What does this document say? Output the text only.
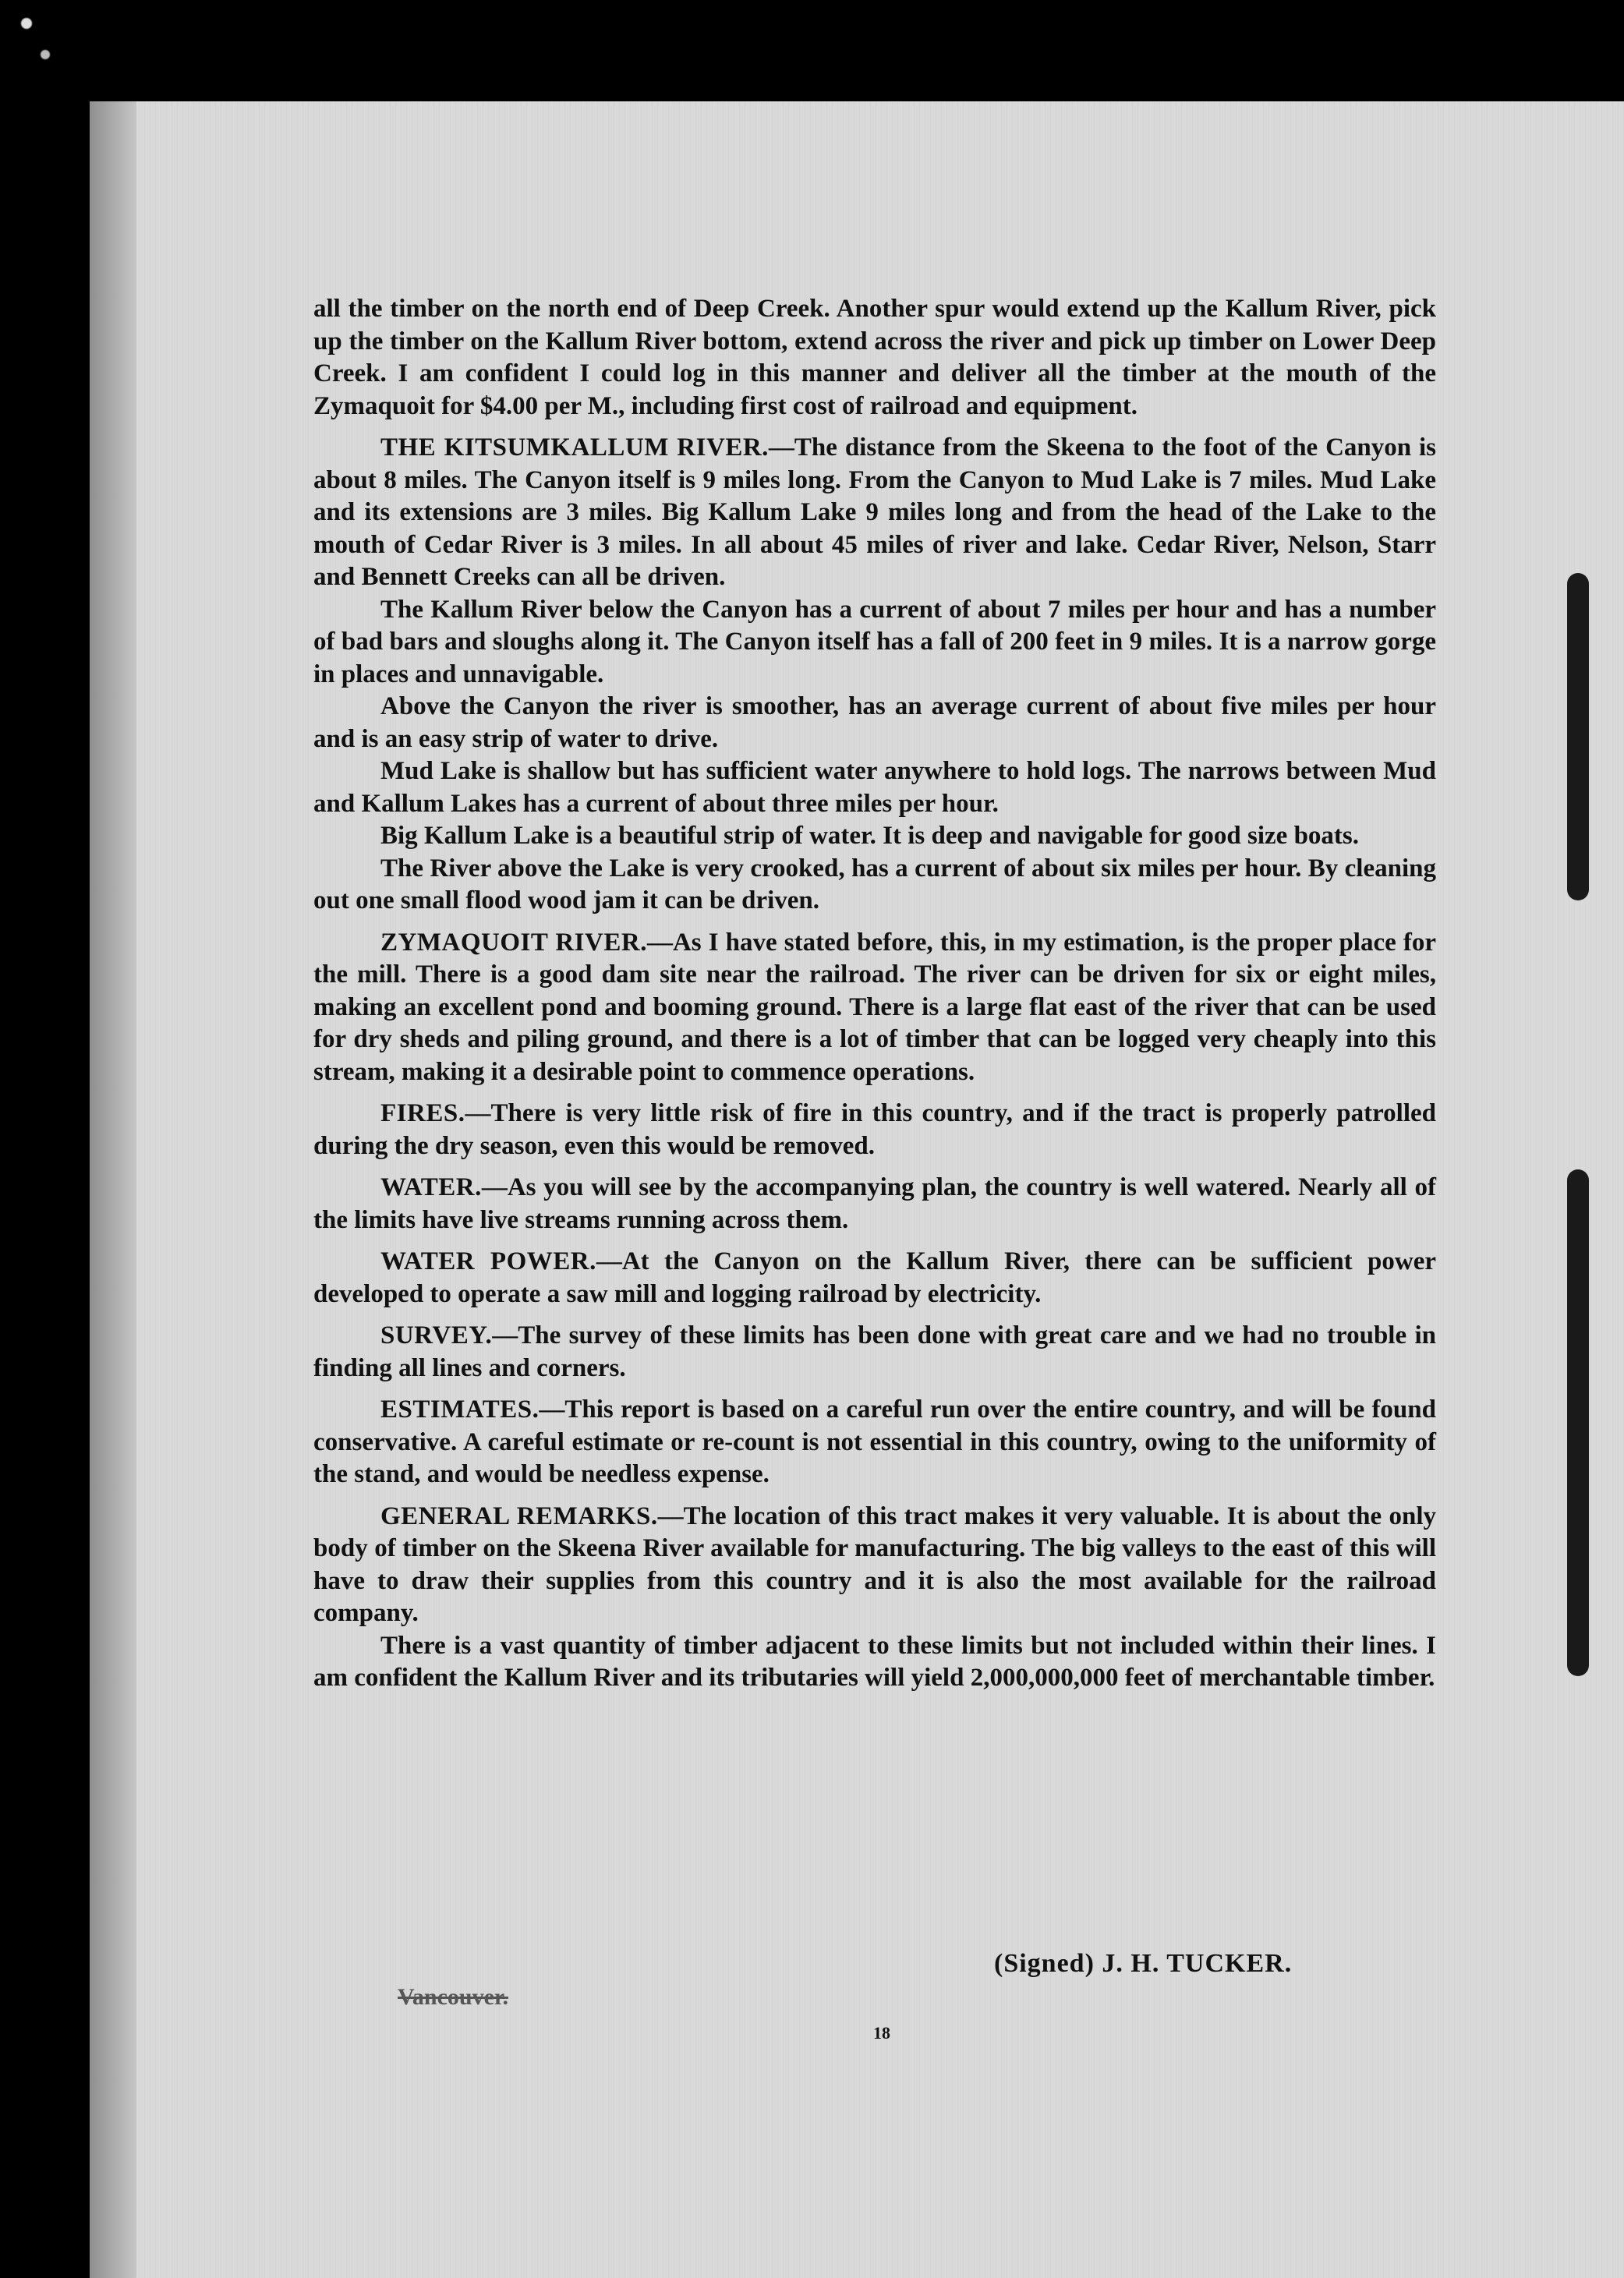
all the timber on the north end of Deep Creek. Another spur would extend up the Kallum River, pick up the timber on the Kallum River bottom, extend across the river and pick up timber on Lower Deep Creek. I am confident I could log in this manner and deliver all the timber at the mouth of the Zymaquoit for $4.00 per M., including first cost of railroad and equipment.

THE KITSUMKALLUM RIVER.—The distance from the Skeena to the foot of the Canyon is about 8 miles. The Canyon itself is 9 miles long. From the Canyon to Mud Lake is 7 miles. Mud Lake and its extensions are 3 miles. Big Kallum Lake 9 miles long and from the head of the Lake to the mouth of Cedar River is 3 miles. In all about 45 miles of river and lake. Cedar River, Nelson, Starr and Bennett Creeks can all be driven.

The Kallum River below the Canyon has a current of about 7 miles per hour and has a number of bad bars and sloughs along it. The Canyon itself has a fall of 200 feet in 9 miles. It is a narrow gorge in places and unnavigable.

Above the Canyon the river is smoother, has an average current of about five miles per hour and is an easy strip of water to drive.

Mud Lake is shallow but has sufficient water anywhere to hold logs. The narrows between Mud and Kallum Lakes has a current of about three miles per hour.

Big Kallum Lake is a beautiful strip of water. It is deep and navigable for good size boats.

The River above the Lake is very crooked, has a current of about six miles per hour. By cleaning out one small flood wood jam it can be driven.

ZYMAQUOIT RIVER.—As I have stated before, this, in my estimation, is the proper place for the mill. There is a good dam site near the railroad. The river can be driven for six or eight miles, making an excellent pond and booming ground. There is a large flat east of the river that can be used for dry sheds and piling ground, and there is a lot of timber that can be logged very cheaply into this stream, making it a desirable point to commence operations.

FIRES.—There is very little risk of fire in this country, and if the tract is properly patrolled during the dry season, even this would be removed.

WATER.—As you will see by the accompanying plan, the country is well watered. Nearly all of the limits have live streams running across them.

WATER POWER.—At the Canyon on the Kallum River, there can be sufficient power developed to operate a saw mill and logging railroad by electricity.

SURVEY.—The survey of these limits has been done with great care and we had no trouble in finding all lines and corners.

ESTIMATES.—This report is based on a careful run over the entire country, and will be found conservative. A careful estimate or re-count is not essential in this country, owing to the uniformity of the stand, and would be needless expense.

GENERAL REMARKS.—The location of this tract makes it very valuable. It is about the only body of timber on the Skeena River available for manufacturing. The big valleys to the east of this will have to draw their supplies from this country and it is also the most available for the railroad company.

There is a vast quantity of timber adjacent to these limits but not included within their lines. I am confident the Kallum River and its tributaries will yield 2,000,000,000 feet of merchantable timber.

(Signed) J. H. TUCKER.
Vancouver.
18
